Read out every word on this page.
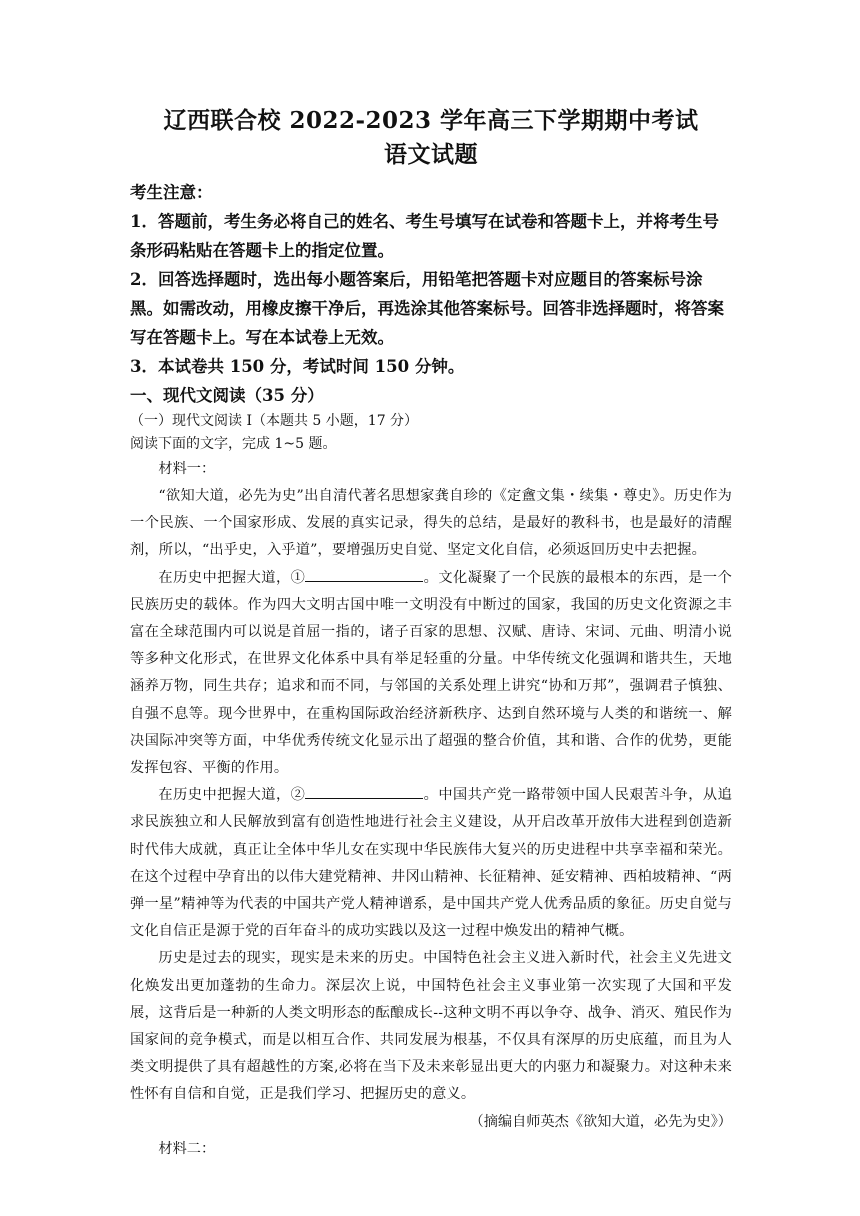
辽西联合校 2022-2023 学年高三下学期期中考试
语文试题
考生注意：
1．答题前，考生务必将自己的姓名、考生号填写在试卷和答题卡上，并将考生号条形码粘贴在答题卡上的指定位置。
2．回答选择题时，选出每小题答案后，用铅笔把答题卡对应题目的答案标号涂黑。如需改动，用橡皮擦干净后，再选涂其他答案标号。回答非选择题时，将答案写在答题卡上。写在本试卷上无效。
3．本试卷共 150 分，考试时间 150 分钟。
一、现代文阅读（35 分）
（一）现代文阅读 I（本题共 5 小题，17 分）
阅读下面的文字，完成 1~5 题。
材料一：
“欲知大道，必先为史”出自清代著名思想家龚自珍的《定盦文集・续集・尊史》。历史作为一个民族、一个国家形成、发展的真实记录，得失的总结，是最好的教科书，也是最好的清醒剂，所以，“出乎史，入乎道”，要增强历史自觉、坚定文化自信，必须返回历史中去把握。
在历史中把握大道，①	。文化凝聚了一个民族的最根本的东西，是一个民族历史的载体。作为四大文明古国中唯一文明没有中断过的国家，我国的历史文化资源之丰富在全球范围内可以说是首屈一指的，诸子百家的思想、汉赋、唐诗、宋词、元曲、明清小说等多种文化形式，在世界文化体系中具有举足轻重的分量。中华传统文化强调和谐共生，天地涵养万物，同生共存；追求和而不同，与邻国的关系处理上讲究“协和万邦”，强调君子慎独、自强不息等。现今世界中，在重构国际政治经济新秩序、达到自然环境与人类的和谐统一、解决国际冲突等方面，中华优秀传统文化显示出了超强的整合价值，其和谐、合作的优势，更能发挥包容、平衡的作用。
在历史中把握大道，②	。中国共产党一路带领中国人民艰苦斗争，从追求民族独立和人民解放到富有创造性地进行社会主义建设，从开启改革开放伟大进程到创造新时代伟大成就，真正让全体中华儿女在实现中华民族伟大复兴的历史进程中共享幸福和荣光。在这个过程中孕育出的以伟大建党精神、井冈山精神、长征精神、延安精神、西柏坡精神、“两弹一星”精神等为代表的中国共产党人精神谱系，是中国共产党人优秀品质的象征。历史自觉与文化自信正是源于党的百年奋斗的成功实践以及这一过程中焕发出的精神气概。
历史是过去的现实，现实是未来的历史。中国特色社会主义进入新时代，社会主义先进文化焕发出更加蓬勃的生命力。深层次上说，中国特色社会主义事业第一次实现了大国和平发展，这背后是一种新的人类文明形态的酝酿成长--这种文明不再以争夺、战争、消灭、殖民作为国家间的竞争模式，而是以相互合作、共同发展为根基，不仅具有深厚的历史底蕴，而且为人类文明提供了具有超越性的方案,必将在当下及未来彰显出更大的内驱力和凝聚力。对这种未来性怀有自信和自觉，正是我们学习、把握历史的意义。
（摘编自师英杰《欲知大道，必先为史》）
材料二：
